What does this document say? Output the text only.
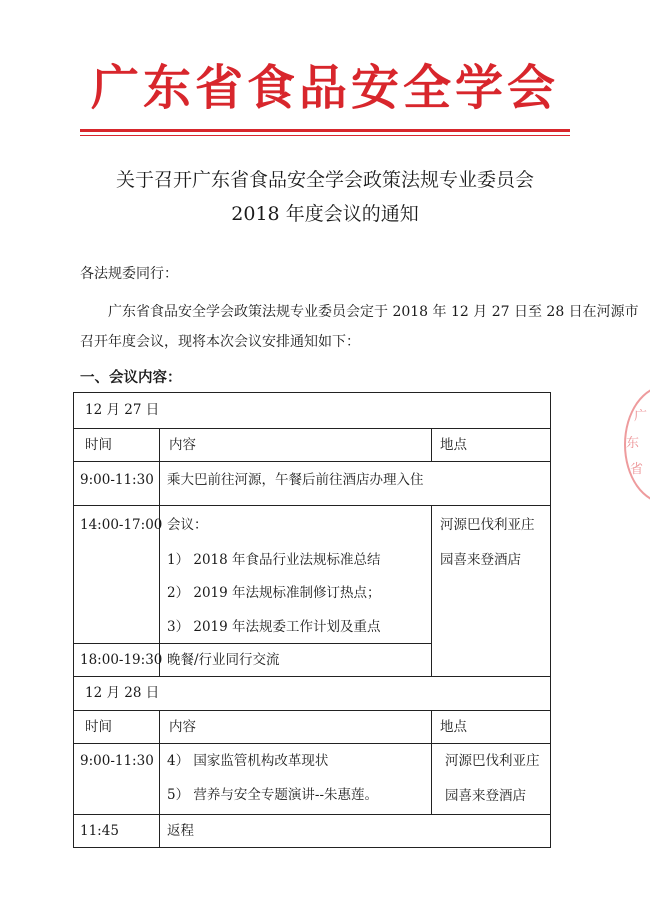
广东省食品安全学会
关于召开广东省食品安全学会政策法规专业委员会
2018 年度会议的通知
各法规委同行：
广东省食品安全学会政策法规专业委员会定于 2018 年 12 月 27 日至 28 日在河源市
召开年度会议，现将本次会议安排通知如下：
一、会议内容：
广
东
省
12 月 27 日
时间	内容	地点
9:00-11:30 乘大巴前往河源，午餐后前往酒店办理入住
14:00-17:00 会议：
1） 2018 年食品行业法规标准总结
2） 2019 年法规标准制修订热点；
3） 2019 年法规委工作计划及重点
河源巴伐利亚庄
园喜来登酒店
18:00-19:30 晚餐/行业同行交流
12 月 28 日
时间	内容	地点
9:00-11:30 4） 国家监管机构改革现状
5） 营养与安全专题演讲--朱惠莲。
河源巴伐利亚庄
园喜来登酒店
11:45	返程
